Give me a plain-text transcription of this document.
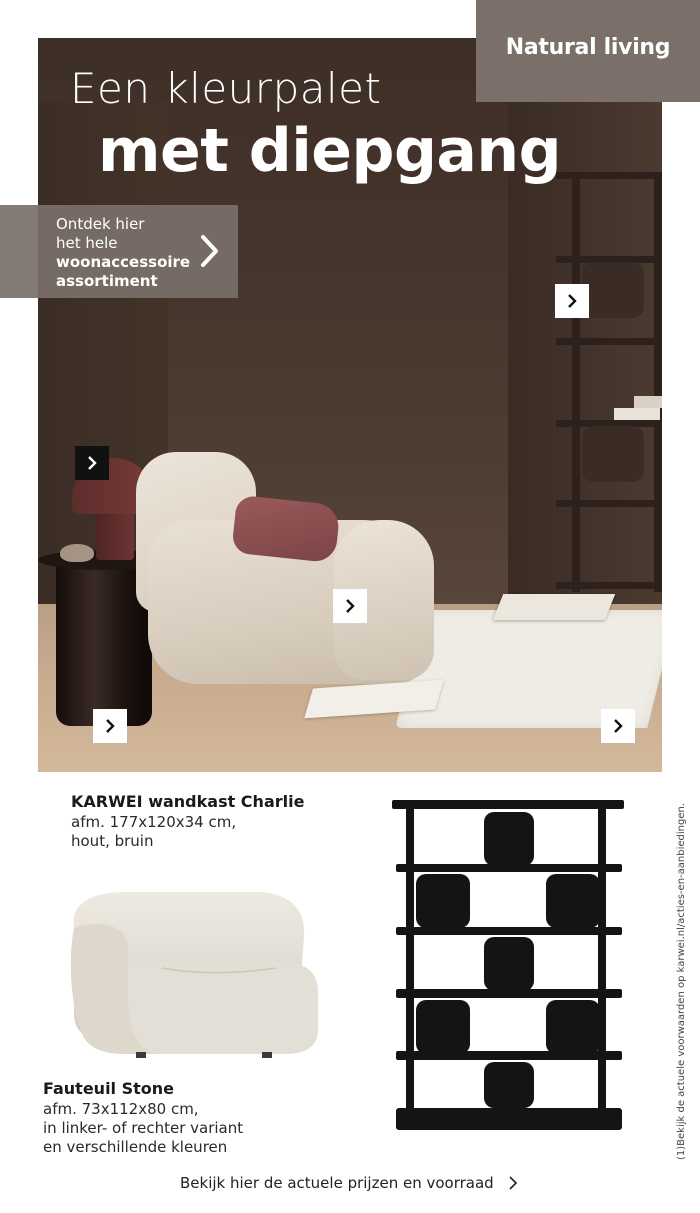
Een kleurpalet
met diepgang
Natural living
Ontdek hier
het hele
woonaccessoire
assortiment
KARWEI wandkast Charlie
afm. 177x120x34 cm,
hout, bruin
Fauteuil Stone
afm. 73x112x80 cm,
in linker- of rechter variant
en verschillende kleuren	(1)Bekijk de actuele voorwaarden op karwei.nl/acties-en-aanbiedingen.
Bekijk hier de actuele prijzen en voorraad
